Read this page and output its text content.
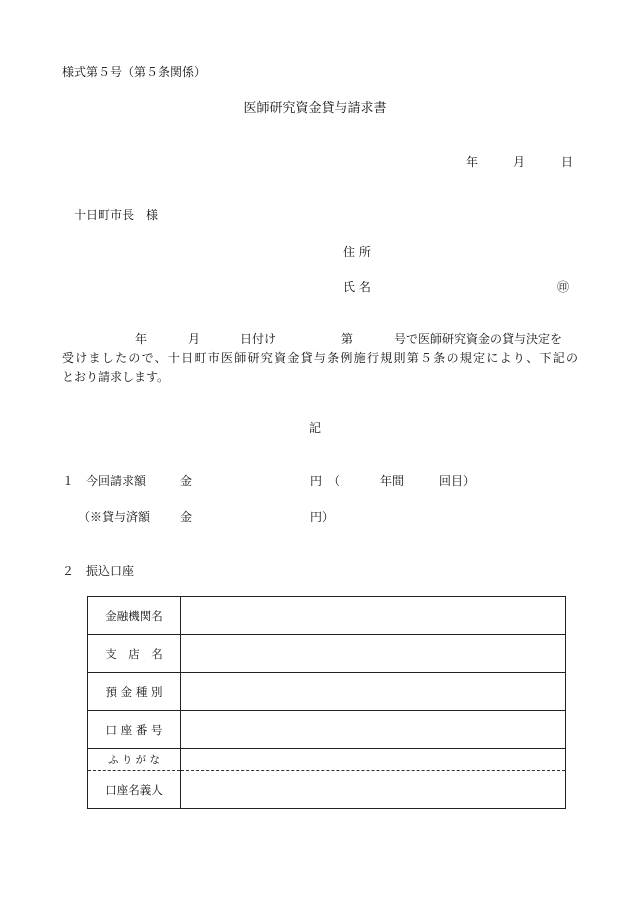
様式第５号（第５条関係）
医師研究資金貸与請求書
年	月	日
十日町市長　様
住 所
氏 名	㊞
年	月	日付け	第	号で医師研究資金の貸与決定を
受けましたので、十日町市医師研究資金貸与条例施行規則第５条の規定により、下記の
とおり請求します。
記
１ 今回請求額	金	円　（	年間	回目）
（※貸与済額 金	円）
２ 振込口座
金融機関名	
支　店　名	
預 金 種 別	
口 座 番 号	
ふ り が な	
口座名義人	
